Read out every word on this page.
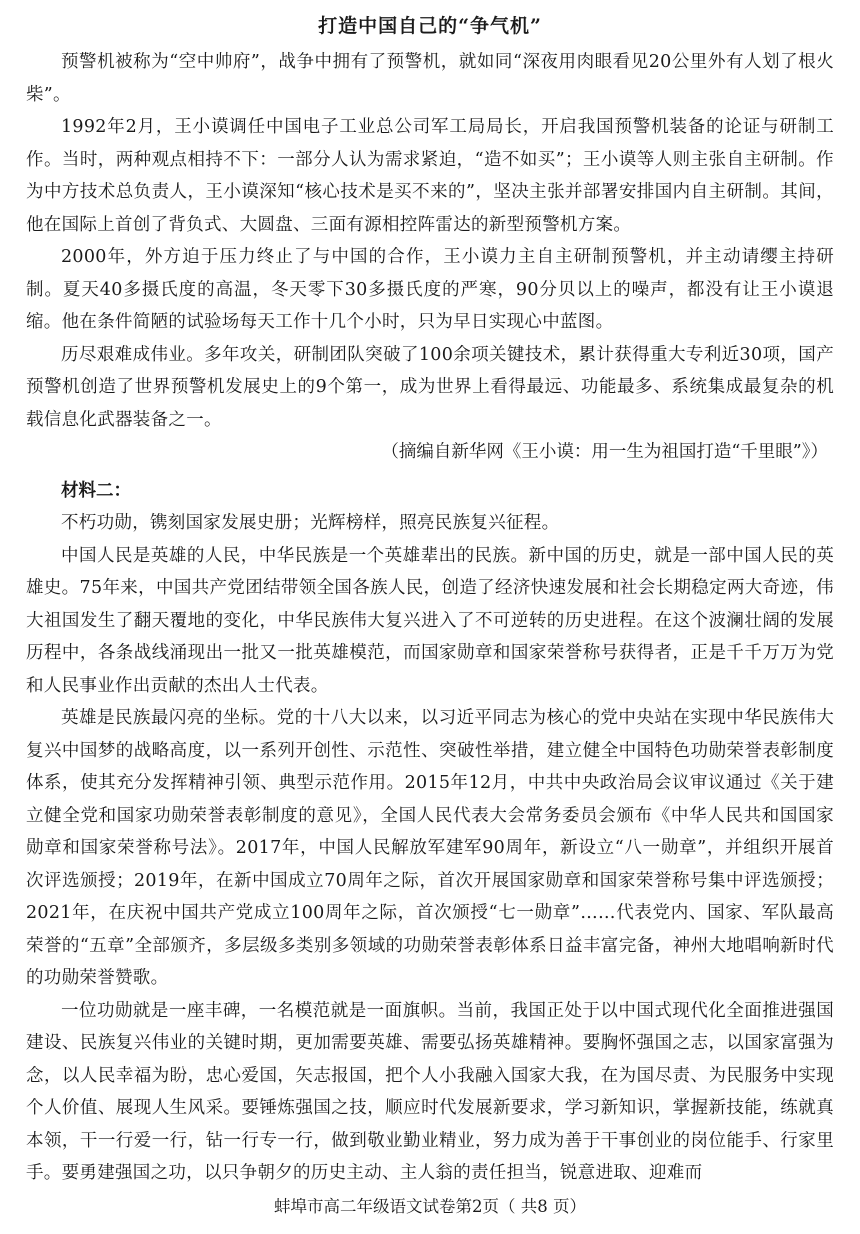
打造中国自己的“争气机”

预警机被称为“空中帅府”，战争中拥有了预警机，就如同“深夜用肉眼看见20公里外有人划了根火柴”。

1992年2月，王小谟调任中国电子工业总公司军工局局长，开启我国预警机装备的论证与研制工作。当时，两种观点相持不下：一部分人认为需求紧迫，“造不如买”；王小谟等人则主张自主研制。作为中方技术总负责人，王小谟深知“核心技术是买不来的”，坚决主张并部署安排国内自主研制。其间，他在国际上首创了背负式、大圆盘、三面有源相控阵雷达的新型预警机方案。

2000年，外方迫于压力终止了与中国的合作，王小谟力主自主研制预警机，并主动请缨主持研制。夏天40多摄氏度的高温，冬天零下30多摄氏度的严寒，90分贝以上的噪声，都没有让王小谟退缩。他在条件简陋的试验场每天工作十几个小时，只为早日实现心中蓝图。

历尽艰难成伟业。多年攻关，研制团队突破了100余项关键技术，累计获得重大专利近30项，国产预警机创造了世界预警机发展史上的9个第一，成为世界上看得最远、功能最多、系统集成最复杂的机载信息化武器装备之一。

（摘编自新华网《王小谟：用一生为祖国打造“千里眼”》）

材料二：

不朽功勋，镌刻国家发展史册；光辉榜样，照亮民族复兴征程。

中国人民是英雄的人民，中华民族是一个英雄辈出的民族。新中国的历史，就是一部中国人民的英雄史。75年来，中国共产党团结带领全国各族人民，创造了经济快速发展和社会长期稳定两大奇迹，伟大祖国发生了翻天覆地的变化，中华民族伟大复兴进入了不可逆转的历史进程。在这个波澜壮阔的发展历程中，各条战线涌现出一批又一批英雄模范，而国家勋章和国家荣誉称号获得者，正是千千万万为党和人民事业作出贡献的杰出人士代表。

英雄是民族最闪亮的坐标。党的十八大以来，以习近平同志为核心的党中央站在实现中华民族伟大复兴中国梦的战略高度，以一系列开创性、示范性、突破性举措，建立健全中国特色功勋荣誉表彰制度体系，使其充分发挥精神引领、典型示范作用。2015年12月，中共中央政治局会议审议通过《关于建立健全党和国家功勋荣誉表彰制度的意见》，全国人民代表大会常务委员会颁布《中华人民共和国国家勋章和国家荣誉称号法》。2017年，中国人民解放军建军90周年，新设立“八一勋章”，并组织开展首次评选颁授；2019年，在新中国成立70周年之际，首次开展国家勋章和国家荣誉称号集中评选颁授；2021年，在庆祝中国共产党成立100周年之际，首次颁授“七一勋章”……代表党内、国家、军队最高荣誉的“五章”全部颁齐，多层级多类别多领域的功勋荣誉表彰体系日益丰富完备，神州大地唱响新时代的功勋荣誉赞歌。

一位功勋就是一座丰碑，一名模范就是一面旗帜。当前，我国正处于以中国式现代化全面推进强国建设、民族复兴伟业的关键时期，更加需要英雄、需要弘扬英雄精神。要胸怀强国之志，以国家富强为念，以人民幸福为盼，忠心爱国，矢志报国，把个人小我融入国家大我，在为国尽责、为民服务中实现个人价值、展现人生风采。要锤炼强国之技，顺应时代发展新要求，学习新知识，掌握新技能，练就真本领，干一行爱一行，钻一行专一行，做到敬业勤业精业，努力成为善于干事创业的岗位能手、行家里手。要勇建强国之功，以只争朝夕的历史主动、主人翁的责任担当，锐意进取、迎难而

蚌埠市高二年级语文试卷第2页（ 共8 页）
